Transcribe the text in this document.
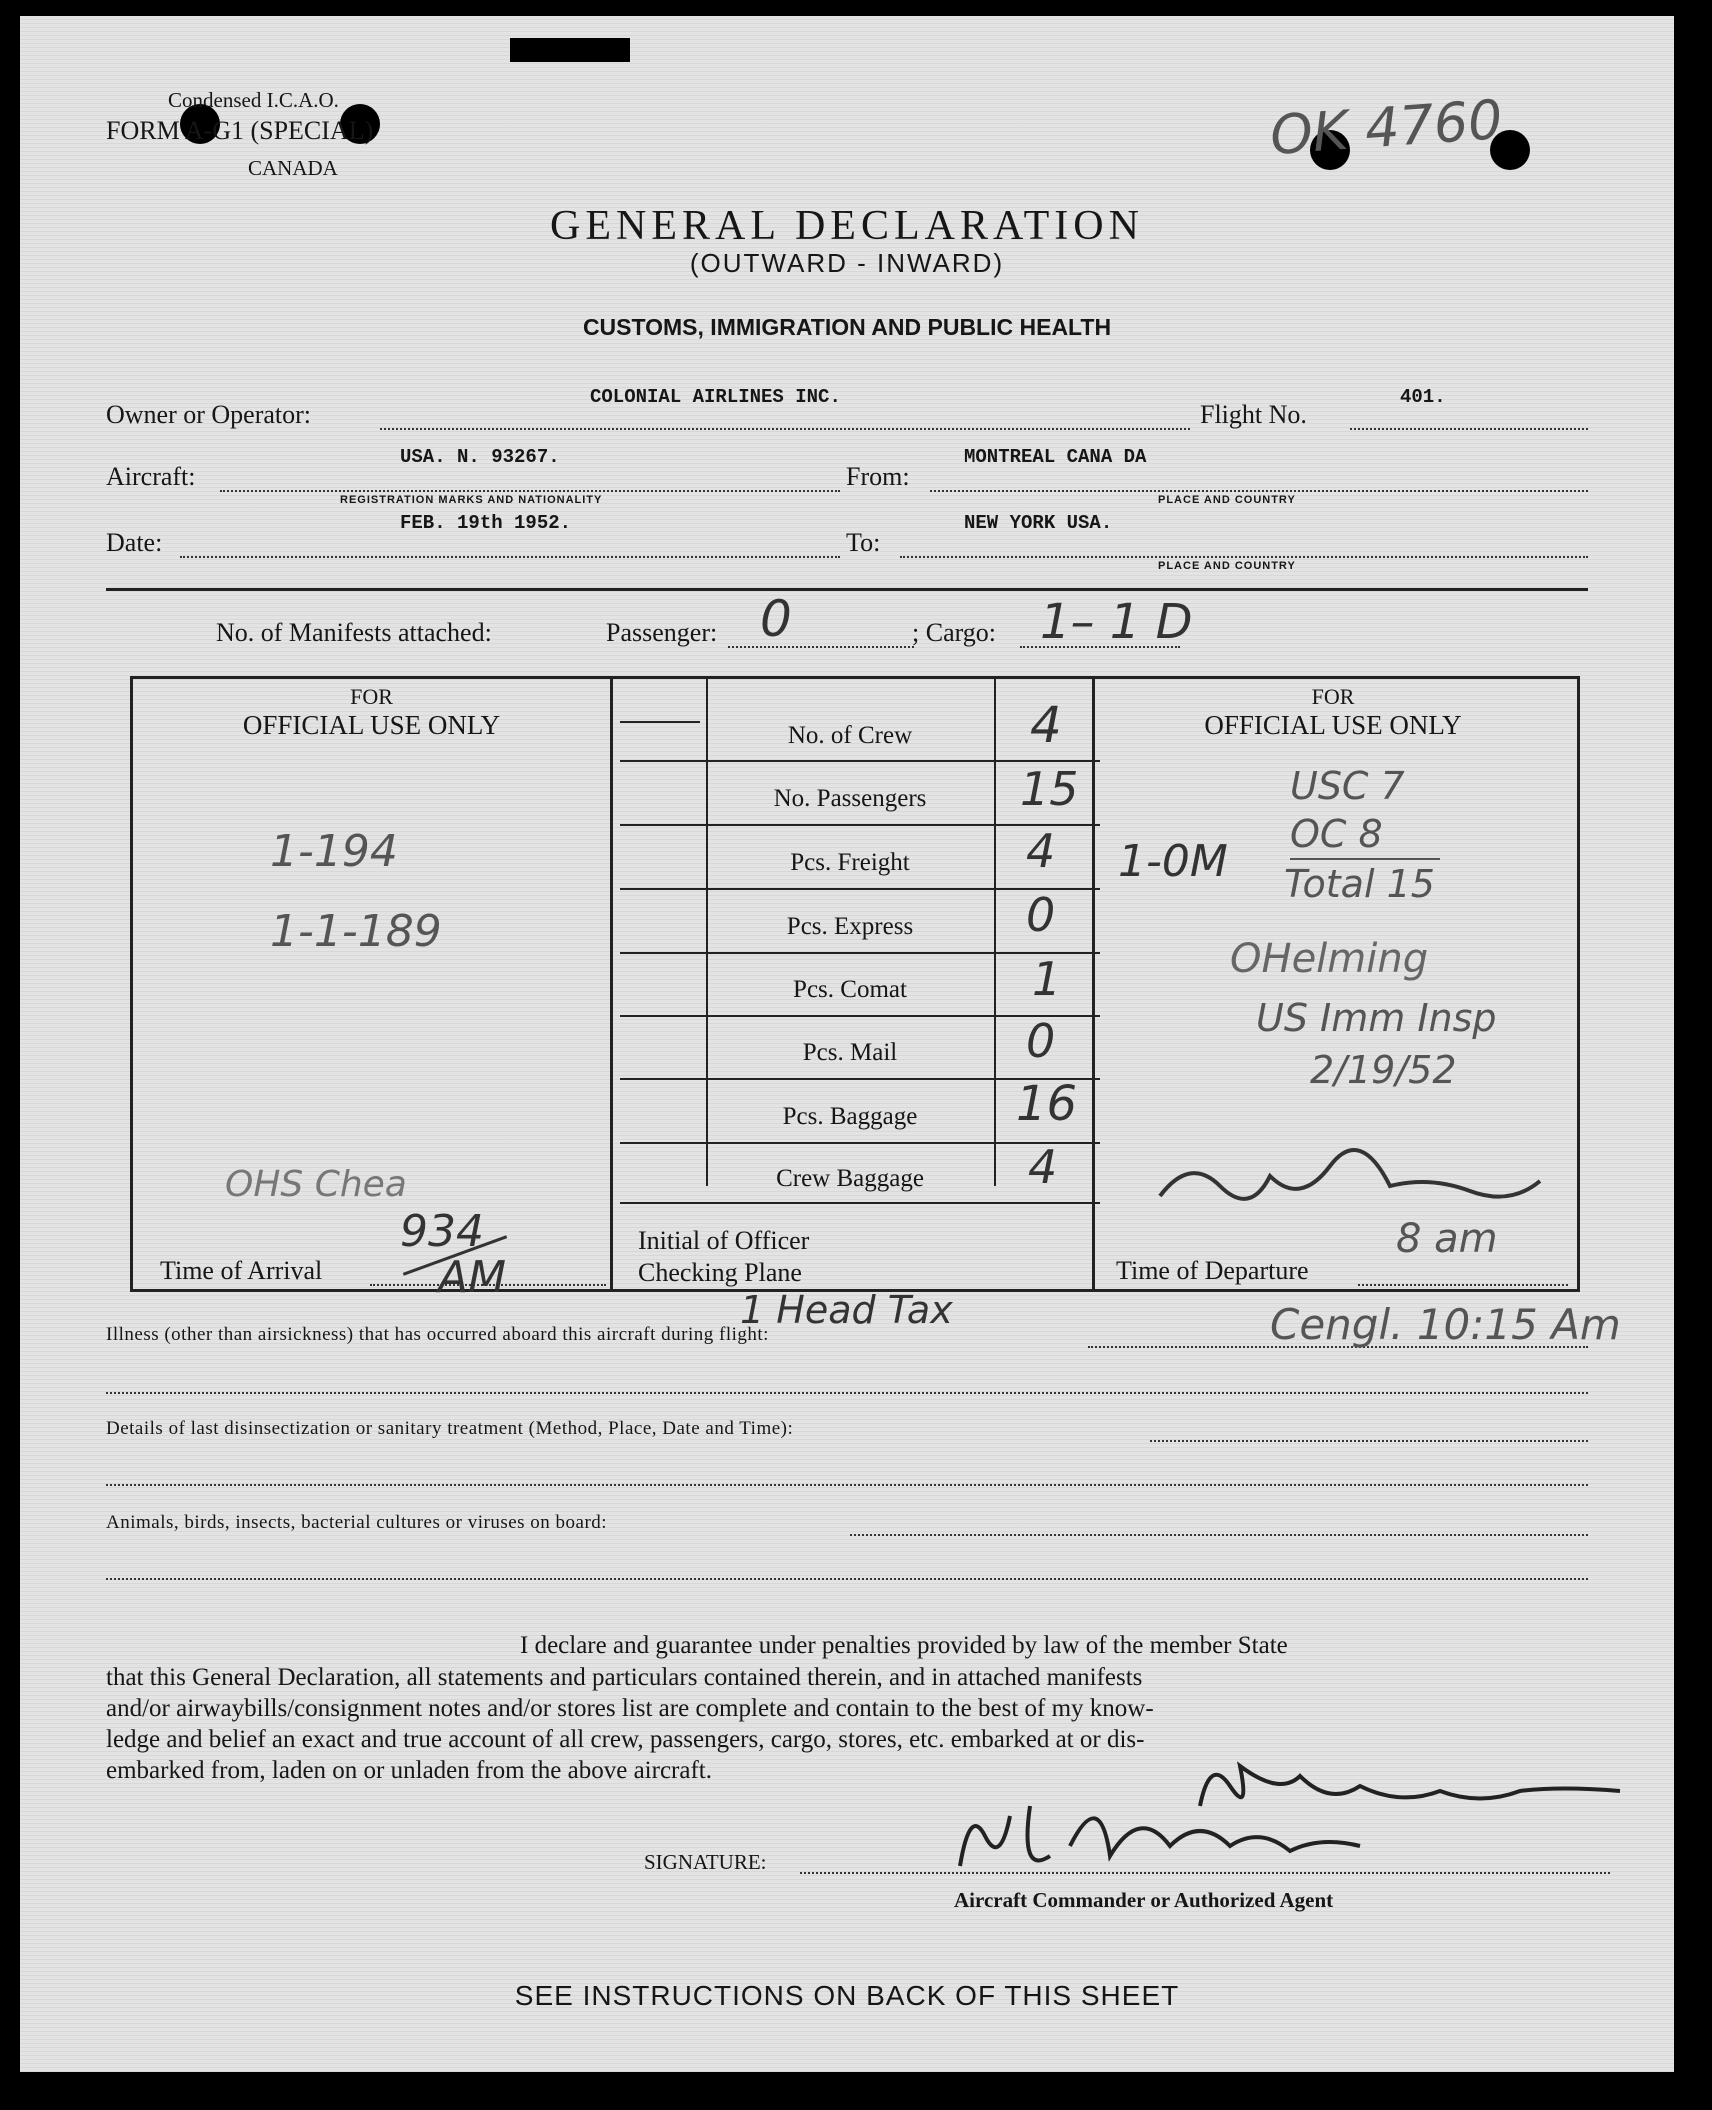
Condensed I.C.A.O.
FORM A-G1 (SPECIAL)
CANADA
OK 4760
GENERAL DECLARATION
(OUTWARD - INWARD)
CUSTOMS, IMMIGRATION AND PUBLIC HEALTH
Owner or Operator:
COLONIAL AIRLINES INC.
Flight No.
401.
Aircraft:
USA. N. 93267.
REGISTRATION MARKS AND NATIONALITY
From:
MONTREAL CANA DA
PLACE AND COUNTRY
Date:
FEB. 19th 1952.
To:
NEW YORK USA.
PLACE AND COUNTRY
No. of Manifests attached:	Passenger: 0	; Cargo: 1– 1 D
FOR
OFFICIAL USE ONLY
FOR
OFFICIAL USE ONLY
No. of Crew	4
No. Passengers	15
Pcs. Freight	4
Pcs. Express	0
Pcs. Comat	1
Pcs. Mail	0
Pcs. Baggage	16
Crew Baggage	4
1-194
1-1-189
OHS Chea
Time of Arrival
934
AM
Initial of Officer
Checking Plane
USC 7
OC 8
Total 15
1-0M
OHelming
US Imm Insp
2/19/52
Time of Departure
8 am
Illness (other than airsickness) that has occurred aboard this aircraft during flight:
1 Head Tax	Cengl. 10:15 Am
Details of last disinsectization or sanitary treatment (Method, Place, Date and Time):
Animals, birds, insects, bacterial cultures or viruses on board:
I declare and guarantee under penalties provided by law of the member State
that this General Declaration, all statements and particulars contained therein, and in attached manifests
and/or airwaybills/consignment notes and/or stores list are complete and contain to the best of my know-
ledge and belief an exact and true account of all crew, passengers, cargo, stores, etc. embarked at or dis-
embarked from, laden on or unladen from the above aircraft.
SIGNATURE:
Aircraft Commander or Authorized Agent
SEE INSTRUCTIONS ON BACK OF THIS SHEET
